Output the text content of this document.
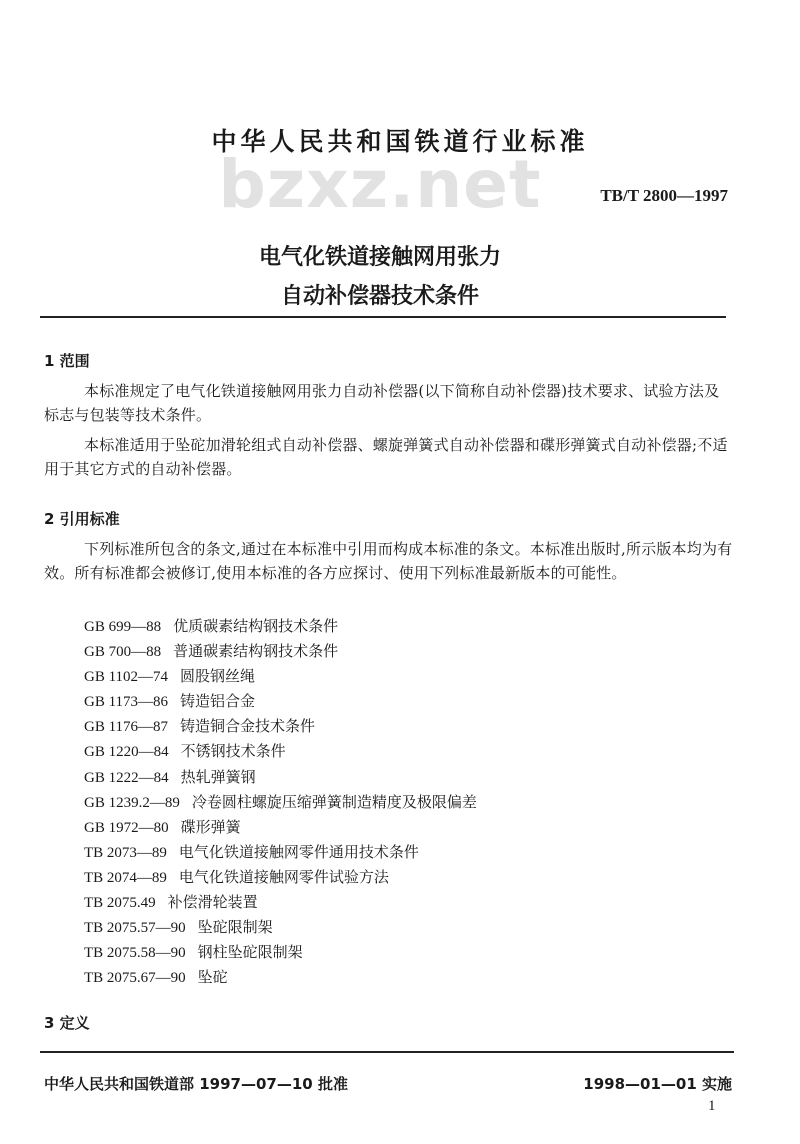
bzxz.net
中华人民共和国铁道行业标准
TB/T 2800—1997
电气化铁道接触网用张力
自动补偿器技术条件
1 范围
本标准规定了电气化铁道接触网用张力自动补偿器(以下简称自动补偿器)技术要求、试验方法及标志与包装等技术条件。
本标准适用于坠砣加滑轮组式自动补偿器、螺旋弹簧式自动补偿器和碟形弹簧式自动补偿器;不适用于其它方式的自动补偿器。
2 引用标准
下列标准所包含的条文,通过在本标准中引用而构成本标准的条文。本标准出版时,所示版本均为有效。所有标准都会被修订,使用本标准的各方应探讨、使用下列标准最新版本的可能性。
GB 699—88 优质碳素结构钢技术条件
GB 700—88 普通碳素结构钢技术条件
GB 1102—74 圆股钢丝绳
GB 1173—86 铸造铝合金
GB 1176—87 铸造铜合金技术条件
GB 1220—84 不锈钢技术条件
GB 1222—84 热轧弹簧钢
GB 1239.2—89 冷卷圆柱螺旋压缩弹簧制造精度及极限偏差
GB 1972—80 碟形弹簧
TB 2073—89 电气化铁道接触网零件通用技术条件
TB 2074—89 电气化铁道接触网零件试验方法
TB 2075.49 补偿滑轮装置
TB 2075.57—90 坠砣限制架
TB 2075.58—90 钢柱坠砣限制架
TB 2075.67—90 坠砣
3 定义
中华人民共和国铁道部 1997—07—10 批准	1998—01—01 实施
1
